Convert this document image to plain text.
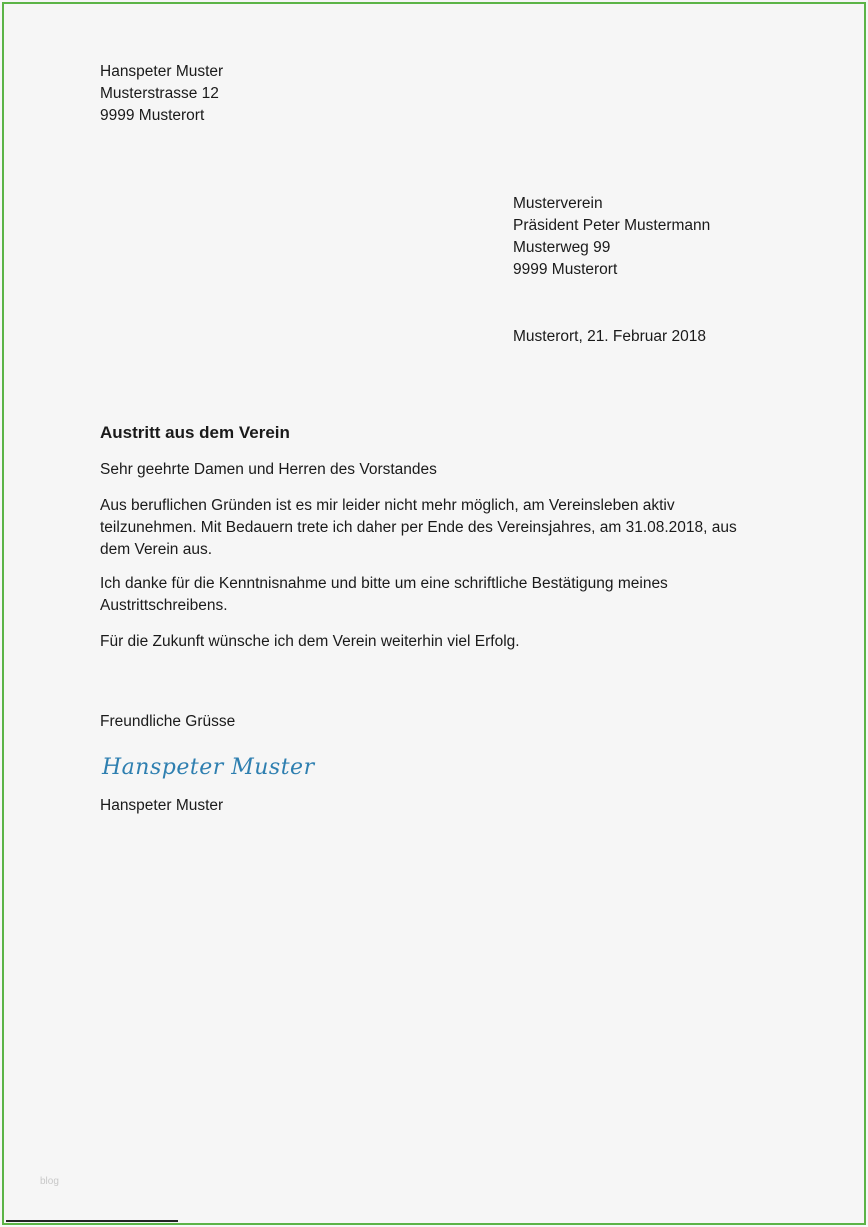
Hanspeter Muster
Musterstrasse 12
9999 Musterort
Musterverein
Präsident Peter Mustermann
Musterweg 99
9999 Musterort
Musterort, 21. Februar 2018
Austritt aus dem Verein
Sehr geehrte Damen und Herren des Vorstandes
Aus beruflichen Gründen ist es mir leider nicht mehr möglich, am Vereinsleben aktiv
teilzunehmen. Mit Bedauern trete ich daher per Ende des Vereinsjahres, am 31.08.2018, aus
dem Verein aus.
Ich danke für die Kenntnisnahme und bitte um eine schriftliche Bestätigung meines
Austrittschreibens.
Für die Zukunft wünsche ich dem Verein weiterhin viel Erfolg.
Freundliche Grüsse
Hanspeter Muster
Hanspeter Muster
blog
